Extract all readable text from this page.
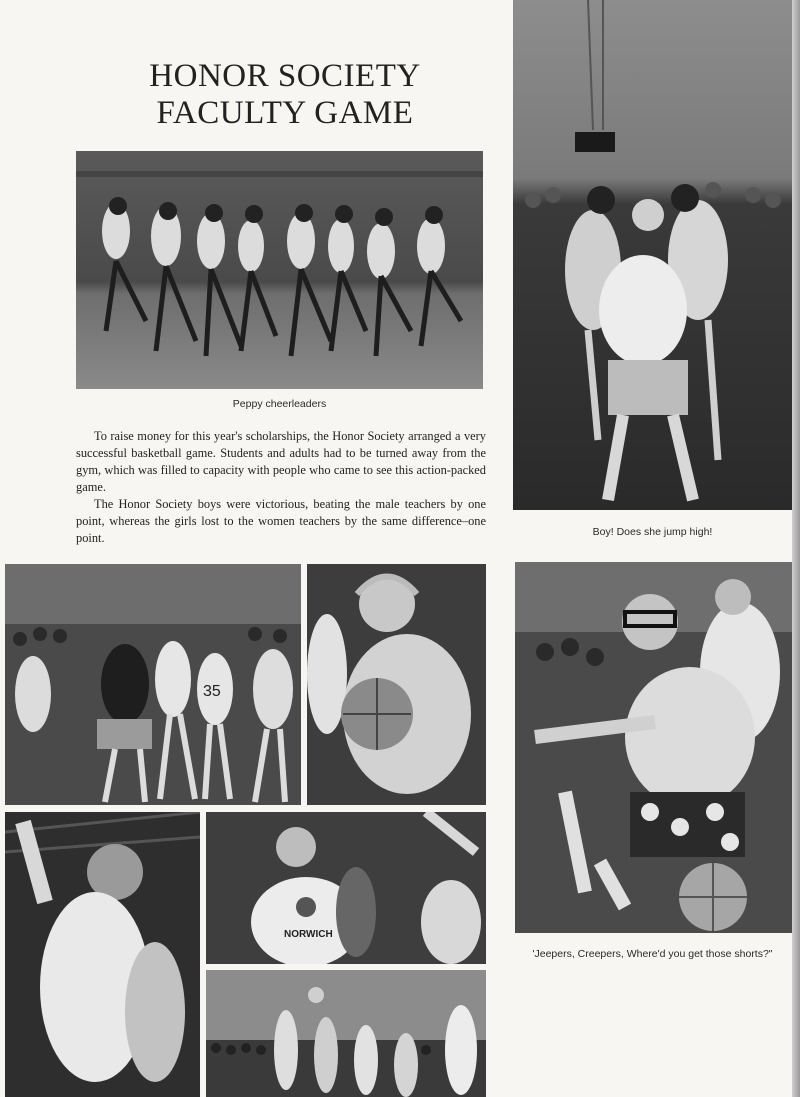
HONOR SOCIETY
FACULTY GAME
Peppy cheerleaders

To raise money for this year's scholarships, the Honor Society arranged a very successful basketball game. Students and adults had to be turned away from the gym, which was filled to capacity with people who came to see this action-packed game.

The Honor Society boys were victorious, beating the male teachers by one point, whereas the girls lost to the women teachers by the same difference–one point.	Boy! Does she jump high!
35
NORWICH
'Jeepers, Creepers, Where'd you get those shorts?"
